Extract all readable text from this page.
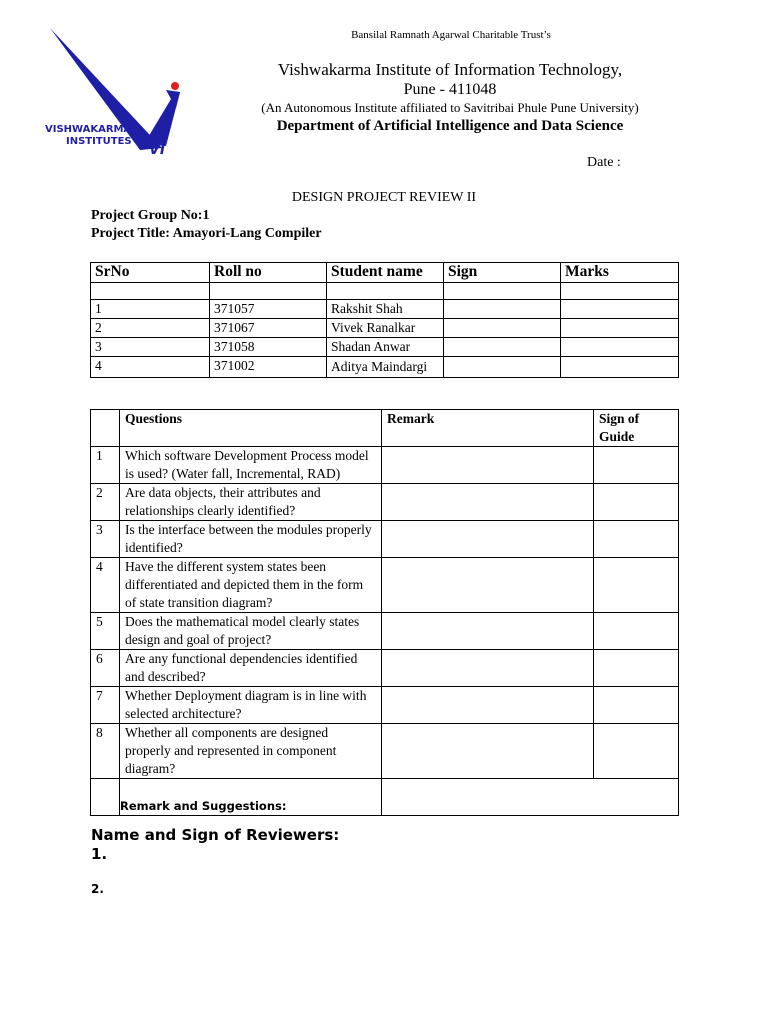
VISHWAKARMA
INSTITUTES
VI
Bansilal Ramnath Agarwal Charitable Trust’s
Vishwakarma Institute of Information Technology,
Pune - 411048
(An Autonomous Institute affiliated to Savitribai Phule Pune University)
Department of Artificial Intelligence and Data Science
Date :
DESIGN PROJECT REVIEW II
Project Group No:1
Project Title: Amayori-Lang Compiler
SrNo	Roll no	Student name	Sign	Marks

1	371057	Rakshit Shah		
2	371067	Vivek Ranalkar		
3	371058	Shadan Anwar		
4	371002	Aditya Maindargi		
	Questions	Remark	Sign of Guide
1	Which software Development Process model is used? (Water fall, Incremental, RAD)		
2	Are data objects, their attributes and relationships clearly identified?		
3	Is the interface between the modules properly identified?		
4	Have the different system states been differentiated and depicted them in the form of state transition diagram?		
5	Does the mathematical model clearly states design and goal of project?		
6	Are any functional dependencies identified and described?		
7	Whether Deployment diagram is in line with selected architecture?		
8	Whether all components are designed properly and represented in component diagram?		

	Remark and Suggestions:		

Name and Sign of Reviewers:
1.
2.
